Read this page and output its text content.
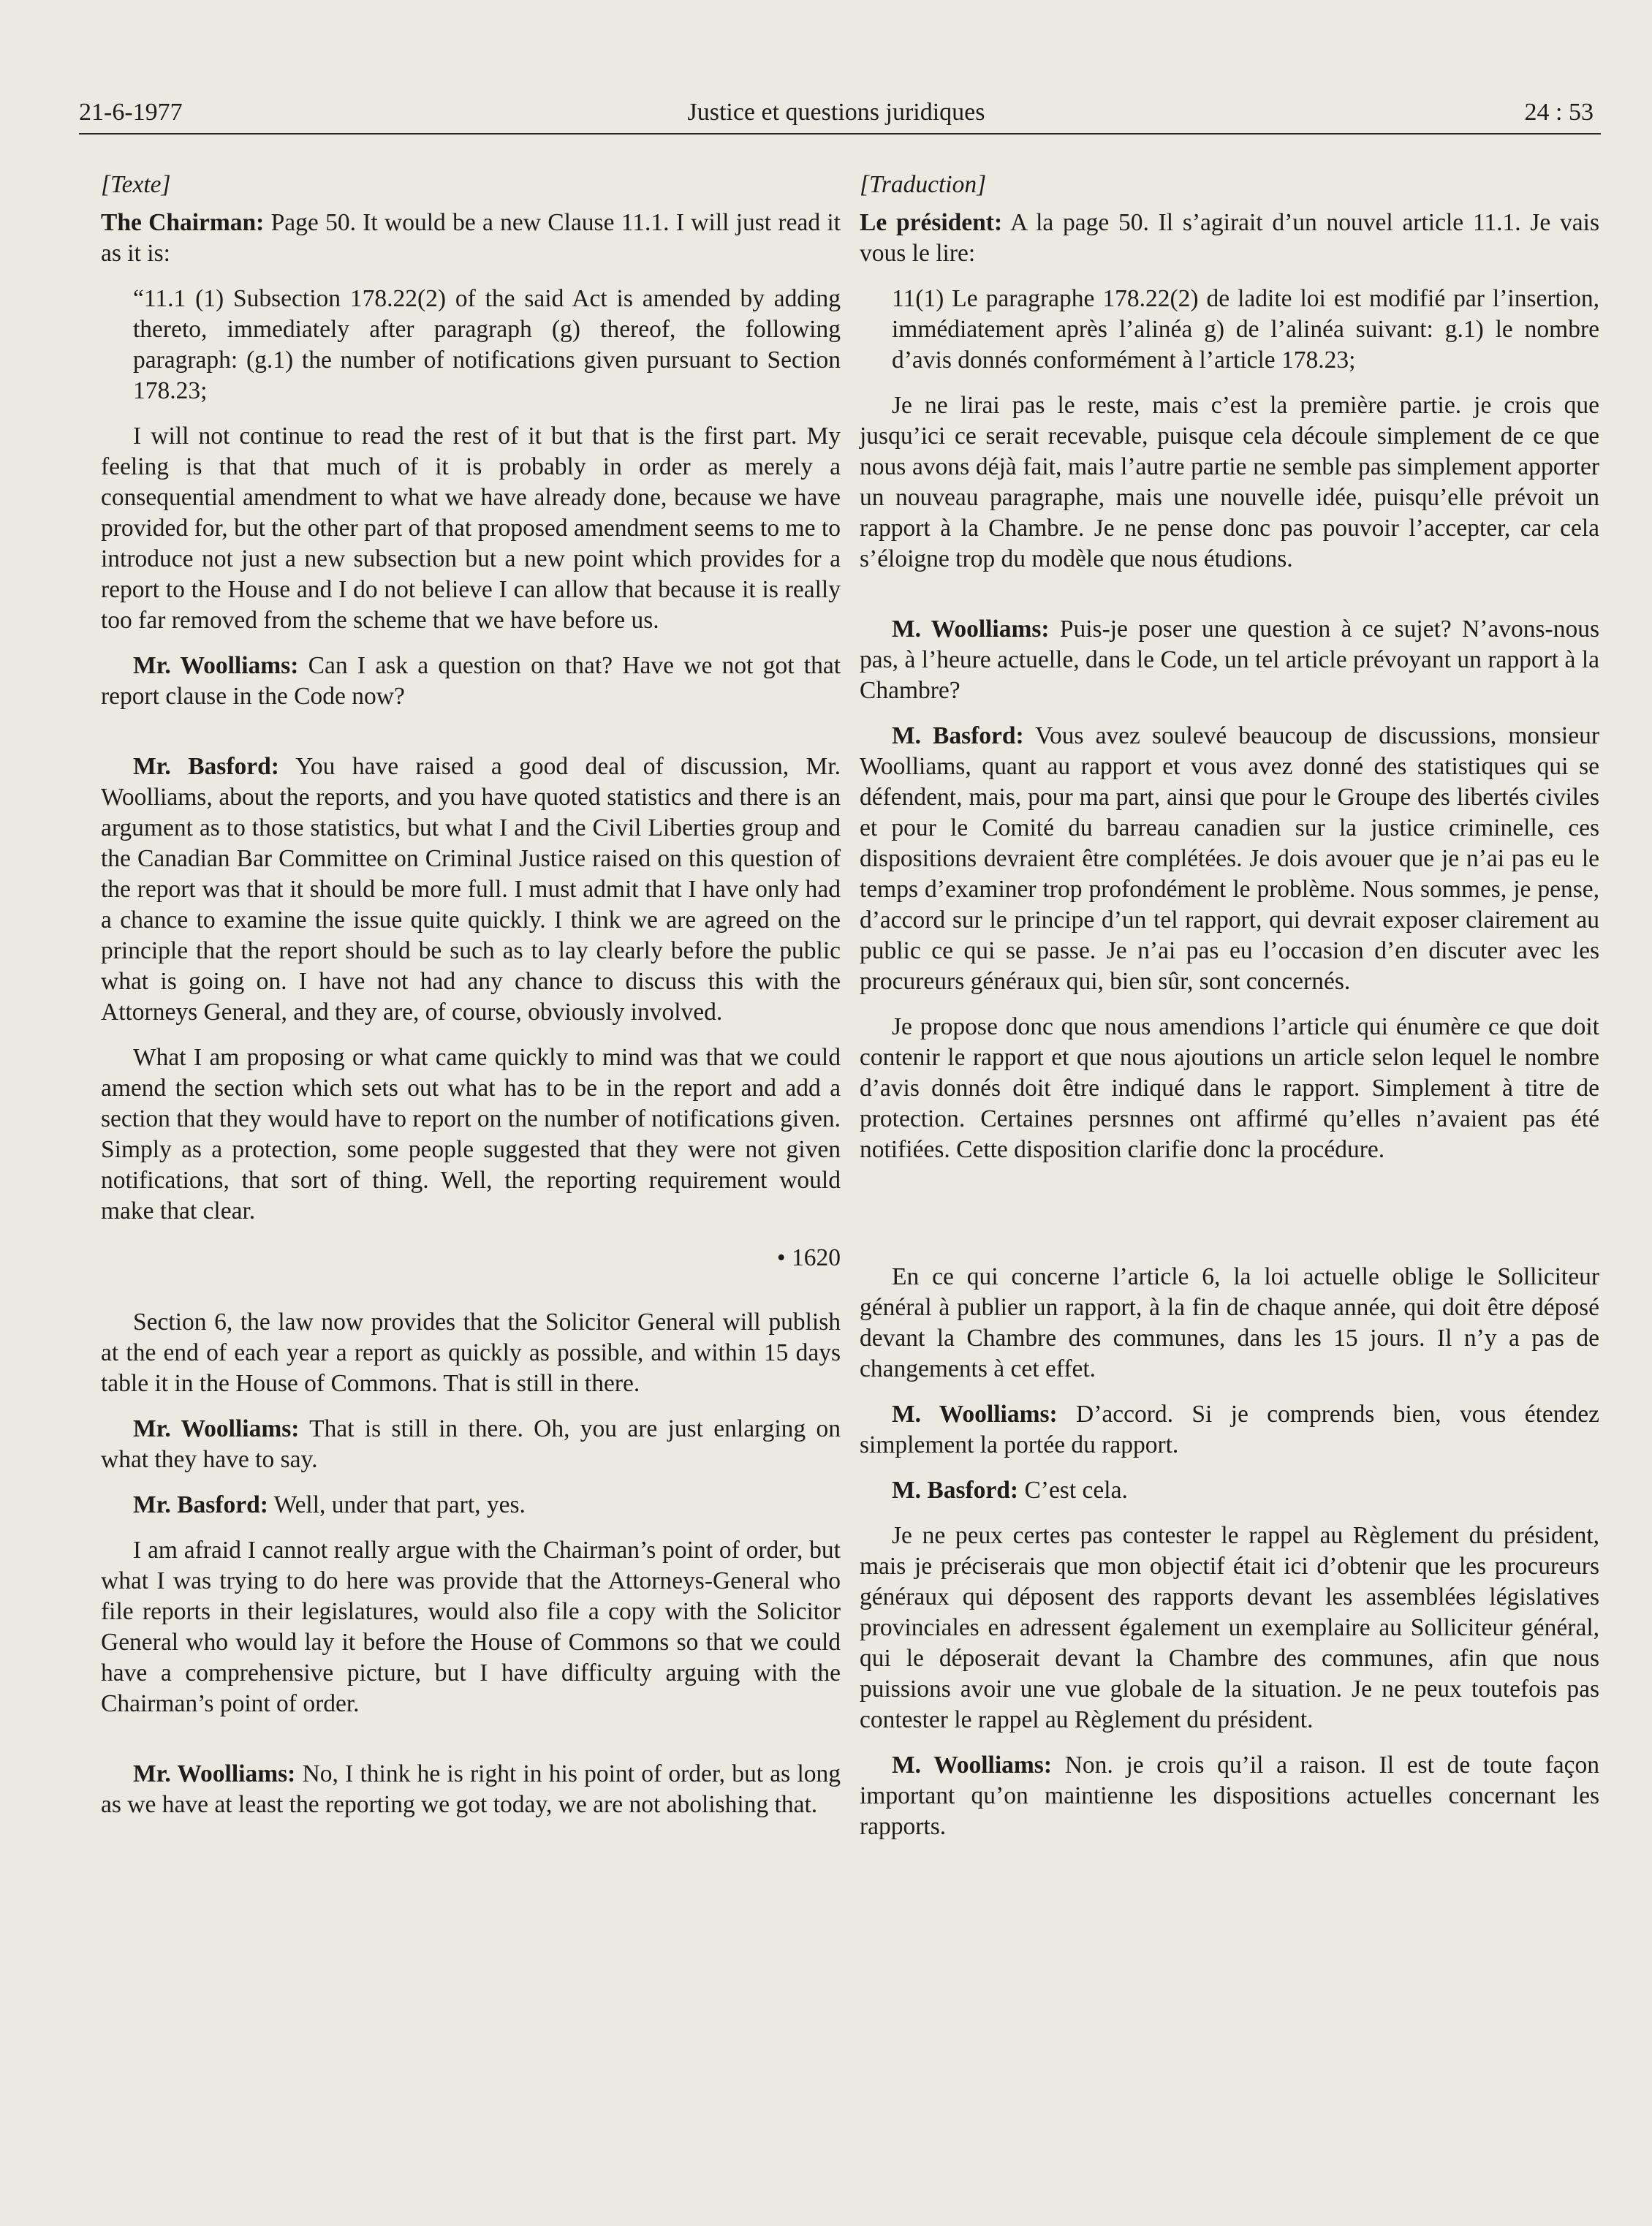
21-6-1977	Justice et questions juridiques	24 : 53
[Texte]

The Chairman: Page 50. It would be a new Clause 11.1. I will just read it as it is:

“11.1 (1) Subsection 178.22(2) of the said Act is amended by adding thereto, immediately after paragraph (g) thereof, the following paragraph: (g.1) the number of notifications given pursuant to Section 178.23;

I will not continue to read the rest of it but that is the first part. My feeling is that that much of it is probably in order as merely a consequential amendment to what we have already done, because we have provided for, but the other part of that proposed amendment seems to me to introduce not just a new subsection but a new point which provides for a report to the House and I do not believe I can allow that because it is really too far removed from the scheme that we have before us.

Mr. Woolliams: Can I ask a question on that? Have we not got that report clause in the Code now?

Mr. Basford: You have raised a good deal of discussion, Mr. Woolliams, about the reports, and you have quoted statistics and there is an argument as to those statistics, but what I and the Civil Liberties group and the Canadian Bar Committee on Criminal Justice raised on this question of the report was that it should be more full. I must admit that I have only had a chance to examine the issue quite quickly. I think we are agreed on the principle that the report should be such as to lay clearly before the public what is going on. I have not had any chance to discuss this with the Attorneys General, and they are, of course, obviously involved.

What I am proposing or what came quickly to mind was that we could amend the section which sets out what has to be in the report and add a section that they would have to report on the number of notifications given. Simply as a protection, some people suggested that they were not given notifications, that sort of thing. Well, the reporting requirement would make that clear.

• 1620

Section 6, the law now provides that the Solicitor General will publish at the end of each year a report as quickly as possible, and within 15 days table it in the House of Commons. That is still in there.

Mr. Woolliams: That is still in there. Oh, you are just enlarging on what they have to say.

Mr. Basford: Well, under that part, yes.

I am afraid I cannot really argue with the Chairman’s point of order, but what I was trying to do here was provide that the Attorneys-General who file reports in their legislatures, would also file a copy with the Solicitor General who would lay it before the House of Commons so that we could have a comprehensive picture, but I have difficulty arguing with the Chairman’s point of order.

Mr. Woolliams: No, I think he is right in his point of order, but as long as we have at least the reporting we got today, we are not abolishing that.

[Traduction]

Le président: A la page 50. Il s’agirait d’un nouvel article 11.1. Je vais vous le lire:

11(1) Le paragraphe 178.22(2) de ladite loi est modifié par l’insertion, immédiatement après l’alinéa g) de l’alinéa suivant: g.1) le nombre d’avis donnés conformément à l’article 178.23;

Je ne lirai pas le reste, mais c’est la première partie. je crois que jusqu’ici ce serait recevable, puisque cela découle simplement de ce que nous avons déjà fait, mais l’autre partie ne semble pas simplement apporter un nouveau paragraphe, mais une nouvelle idée, puisqu’elle prévoit un rapport à la Chambre. Je ne pense donc pas pouvoir l’accepter, car cela s’éloigne trop du modèle que nous étudions.

M. Woolliams: Puis-je poser une question à ce sujet? N’avons-nous pas, à l’heure actuelle, dans le Code, un tel article prévoyant un rapport à la Chambre?

M. Basford: Vous avez soulevé beaucoup de discussions, monsieur Woolliams, quant au rapport et vous avez donné des statistiques qui se défendent, mais, pour ma part, ainsi que pour le Groupe des libertés civiles et pour le Comité du barreau canadien sur la justice criminelle, ces dispositions devraient être complétées. Je dois avouer que je n’ai pas eu le temps d’examiner trop profondément le problème. Nous sommes, je pense, d’accord sur le principe d’un tel rapport, qui devrait exposer clairement au public ce qui se passe. Je n’ai pas eu l’occasion d’en discuter avec les procureurs généraux qui, bien sûr, sont concernés.

Je propose donc que nous amendions l’article qui énumère ce que doit contenir le rapport et que nous ajoutions un article selon lequel le nombre d’avis donnés doit être indiqué dans le rapport. Simplement à titre de protection. Certaines persnnes ont affirmé qu’elles n’avaient pas été notifiées. Cette disposition clarifie donc la procédure.

En ce qui concerne l’article 6, la loi actuelle oblige le Solliciteur général à publier un rapport, à la fin de chaque année, qui doit être déposé devant la Chambre des communes, dans les 15 jours. Il n’y a pas de changements à cet effet.

M. Woolliams: D’accord. Si je comprends bien, vous étendez simplement la portée du rapport.

M. Basford: C’est cela.

Je ne peux certes pas contester le rappel au Règlement du président, mais je préciserais que mon objectif était ici d’obtenir que les procureurs généraux qui déposent des rapports devant les assemblées législatives provinciales en adressent également un exemplaire au Solliciteur général, qui le déposerait devant la Chambre des communes, afin que nous puissions avoir une vue globale de la situation. Je ne peux toutefois pas contester le rappel au Règlement du président.

M. Woolliams: Non. je crois qu’il a raison. Il est de toute façon important qu’on maintienne les dispositions actuelles concernant les rapports.
